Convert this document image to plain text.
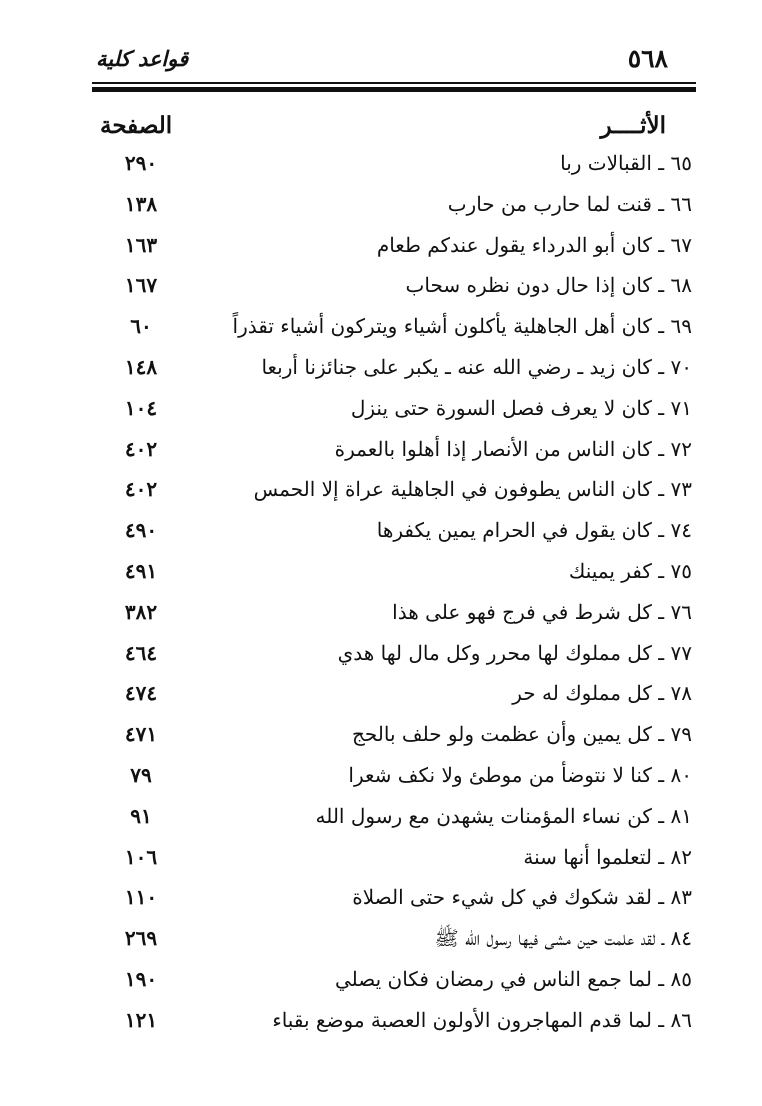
٥٦٨
قواعد كلية
الأثــــر
الصفحة
٦٥ ـ القبالات ربا
٢٩٠
٦٦ ـ قنت لما حارب من حارب
١٣٨
٦٧ ـ كان أبو الدرداء يقول عندكم طعام
١٦٣
٦٨ ـ كان إذا حال دون نظره سحاب
١٦٧
٦٩ ـ كان أهل الجاهلية يأكلون أشياء ويتركون أشياء تقذراً
٦٠
٧٠ ـ كان زيد ـ رضي الله عنه ـ يكبر على جنائزنا أربعا
١٤٨
٧١ ـ كان لا يعرف فصل السورة حتى ينزل
١٠٤
٧٢ ـ كان الناس من الأنصار إذا أهلوا بالعمرة
٤٠٢
٧٣ ـ كان الناس يطوفون في الجاهلية عراة إلا الحمس
٤٠٢
٧٤ ـ كان يقول في الحرام يمين يكفرها
٤٩٠
٧٥ ـ كفر يمينك
٤٩١
٧٦ ـ كل شرط في فرج فهو على هذا
٣٨٢
٧٧ ـ كل مملوك لها محرر وكل مال لها هدي
٤٦٤
٧٨ ـ كل مملوك له حر
٤٧٤
٧٩ ـ كل يمين وأن عظمت ولو حلف بالحج
٤٧١
٨٠ ـ كنا لا نتوضأ من موطئ ولا نكف شعرا
٧٩
٨١ ـ كن نساء المؤمنات يشهدن مع رسول الله
٩١
٨٢ ـ لتعلموا أنها سنة
١٠٦
٨٣ ـ لقد شكوك في كل شيء حتى الصلاة
١١٠
٨٤ ـ لقد علمت حين مشى فيها رسول الله ﷺ
٢٦٩
٨٥ ـ لما جمع الناس في رمضان فكان يصلي
١٩٠
٨٦ ـ لما قدم المهاجرون الأولون العصبة موضع بقباء
١٢١
